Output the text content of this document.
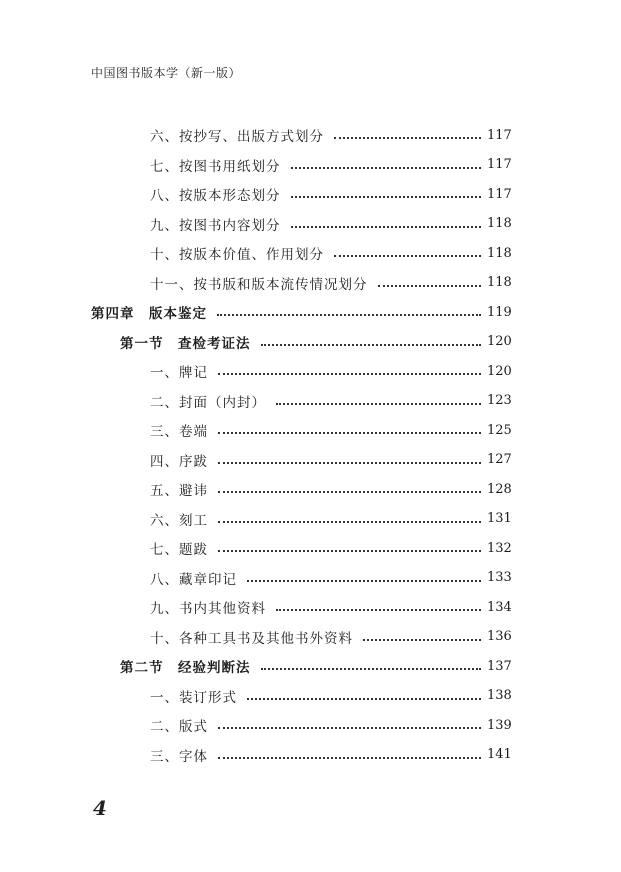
中国图书版本学（新一版）
六、按抄写、出版方式划分	117
七、按图书用纸划分	117
八、按版本形态划分	117
九、按图书内容划分	118
十、按版本价值、作用划分	118
十一、按书版和版本流传情况划分	118
第四章　版本鉴定	119
第一节　查检考证法	120
一、牌记	120
二、封面（内封）	123
三、卷端	125
四、序跋	127
五、避讳	128
六、刻工	131
七、题跋	132
八、藏章印记	133
九、书内其他资料	134
十、各种工具书及其他书外资料	136
第二节　经验判断法	137
一、装订形式	138
二、版式	139
三、字体	141
4
